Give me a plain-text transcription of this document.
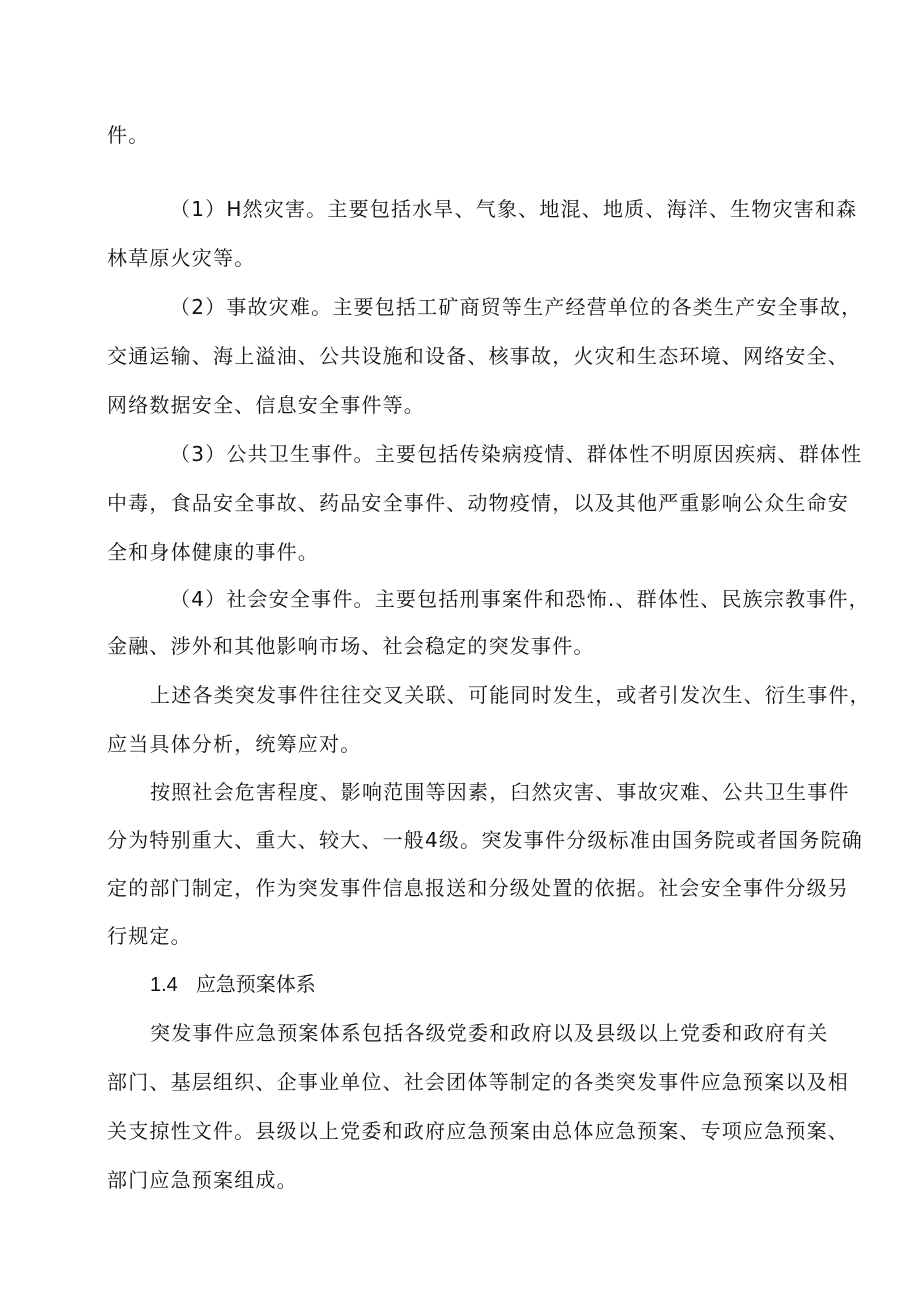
件。
（1）H然灾害。主要包括水旱、气象、地混、地质、海洋、生物灾害和森
林草原火灾等。
（2）事故灾难。主要包括工矿商贸等生产经营单位的各类生产安全事故，
交通运输、海上溢油、公共设施和设备、核事故，火灾和生态环境、网络安全、
网络数据安全、信息安全事件等。
（3）公共卫生事件。主要包括传染病疫情、群体性不明原因疾病、群体性
中毒，食品安全事故、药品安全事件、动物疫情，以及其他严重影响公众生命安
全和身体健康的事件。
（4）社会安全事件。主要包括刑事案件和恐怖.、群体性、民族宗教事件，
金融、涉外和其他影响市场、社会稳定的突发事件。
上述各类突发事件往往交叉关联、可能同时发生，或者引发次生、衍生事件，
应当具体分析，统筹应对。
按照社会危害程度、影响范围等因素，臼然灾害、事故灾难、公共卫生事件
分为特别重大、重大、较大、一般4级。突发事件分级标准由国务院或者国务院确
定的部门制定，作为突发事件信息报送和分级处置的依据。社会安全事件分级另
行规定。
1.4 应急预案体系
突发事件应急预案体系包括各级党委和政府以及县级以上党委和政府有关
部门、基层组织、企事业单位、社会团体等制定的各类突发事件应急预案以及相
关支掠性文件。县级以上党委和政府应急预案由总体应急预案、专项应急预案、
部门应急预案组成。
